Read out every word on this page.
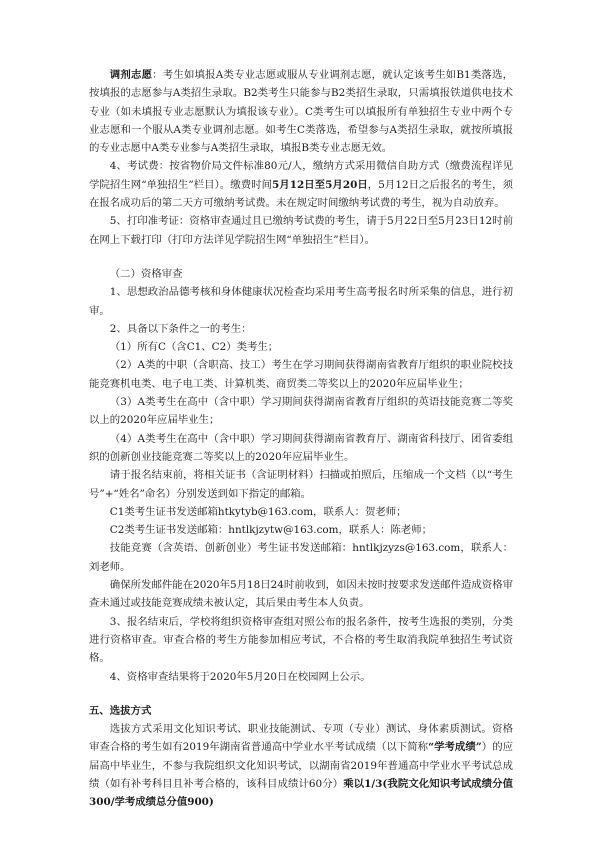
调剂志愿：考生如填报A类专业志愿或服从专业调剂志愿，就认定该考生如B1类落选，按填报的志愿参与A类招生录取。B2类考生只能参与B2类招生录取，只需填报铁道供电技术专业（如未填报专业志愿默认为填报该专业）。C类考生可以填报所有单独招生专业中两个专业志愿和一个服从A类专业调剂志愿。如考生C类落选，希望参与A类招生录取，就按所填报的专业志愿中A类专业参与A类招生录取，填报B类专业志愿无效。

4、考试费：按省物价局文件标准80元/人，缴纳方式采用微信自助方式（缴费流程详见学院招生网“单独招生”栏目）。缴费时间5月12日至5月20日，5月12日之后报名的考生，须在报名成功后的第二天方可缴纳考试费。未在规定时间缴纳考试费的考生，视为自动放弃。

5、打印准考证：资格审查通过且已缴纳考试费的考生，请于5月22日至5月23日12时前在网上下载打印（打印方法详见学院招生网“单独招生”栏目）。

（二）资格审查

1、思想政治品德考核和身体健康状况检查均采用考生高考报名时所采集的信息，进行初审。

2、具备以下条件之一的考生：

（1）所有C（含C1、C2）类考生；

（2）A类的中职（含职高、技工）考生在学习期间获得湖南省教育厅组织的职业院校技能竞赛机电类、电子电工类、计算机类、商贸类二等奖以上的2020年应届毕业生；

（3）A类考生在高中（含中职）学习期间获得湖南省教育厅组织的英语技能竞赛二等奖以上的2020年应届毕业生；

（4）A类考生在高中（含中职）学习期间获得湖南省教育厅、湖南省科技厅、团省委组织的创新创业技能竞赛二等奖以上的2020年应届毕业生。

请于报名结束前，将相关证书（含证明材料）扫描或拍照后，压缩成一个文档（以“考生号”+“姓名”命名）分别发送到如下指定的邮箱。

C1类考生证书发送邮箱htkytyb@163.com，联系人：贺老师；

C2类考生证书发送邮箱：hntlkjzytw@163.com，联系人：陈老师；

技能竞赛（含英语、创新创业）考生证书发送邮箱：hntlkjzyzs@163.com，联系人：刘老师。

确保所发邮件能在2020年5月18日24时前收到，如因未按时按要求发送邮件造成资格审查未通过或技能竞赛成绩未被认定，其后果由考生本人负责。

3、报名结束后，学校将组织资格审查组对照公布的报名条件，按考生选报的类别，分类进行资格审查。审查合格的考生方能参加相应考试，不合格的考生取消我院单独招生考试资格。

4、资格审查结果将于2020年5月20日在校园网上公示。

五、选拔方式

选拔方式采用文化知识考试、职业技能测试、专项（专业）测试、身体素质测试。资格审查合格的考生如有2019年湖南省普通高中学业水平考试成绩（以下简称“学考成绩”）的应届高中毕业生，不参与我院组织文化知识考试，以湖南省2019年普通高中学业水平考试总成绩（如有补考科目且补考合格的，该科目成绩计60分）乘以1/3(我院文化知识考试成绩分值300/学考成绩总分值900)
